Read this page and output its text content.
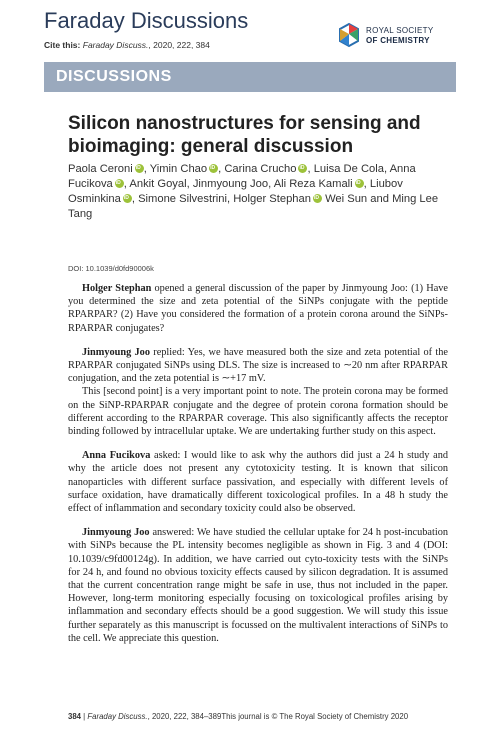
Faraday Discussions
Cite this: Faraday Discuss., 2020, 222, 384
ROYAL SOCIETY
OF CHEMISTRY
DISCUSSIONS
Silicon nanostructures for sensing and bioimaging: general discussion
Paola Ceroni iD , Yimin Chao iD , Carina Crucho iD , Luisa De Cola, Anna Fucikova iD , Ankit Goyal, Jinmyoung Joo, Ali Reza Kamali iD , Liubov Osminkina iD , Simone Silvestrini, Holger Stephan iD Wei Sun and Ming Lee Tang
DOI: 10.1039/d0fd90006k

Holger Stephan opened a general discussion of the paper by Jinmyoung Joo: (1) Have you determined the size and zeta potential of the SiNPs conjugate with the peptide RPARPAR? (2) Have you considered the formation of a protein corona around the SiNPs-RPARPAR conjugates?

Jinmyoung Joo replied: Yes, we have measured both the size and zeta potential of the RPARPAR conjugated SiNPs using DLS. The size is increased to ∼20 nm after RPARPAR conjugation, and the zeta potential is ∼+17 mV.

This [second point] is a very important point to note. The protein corona may be formed on the SiNP-RPARPAR conjugate and the degree of protein corona formation should be different according to the RPARPAR coverage. This also significantly affects the receptor binding followed by intracellular uptake. We are undertaking further study on this aspect.

Anna Fucikova asked: I would like to ask why the authors did just a 24 h study and why the article does not present any cytotoxicity testing. It is known that silicon nanoparticles with different surface passivation, and especially with different levels of surface oxidation, have dramatically different toxicological profiles. In a 48 h study the effect of inflammation and secondary toxicity could also be observed.

Jinmyoung Joo answered: We have studied the cellular uptake for 24 h post-incubation with SiNPs because the PL intensity becomes negligible as shown in Fig. 3 and 4 (DOI: 10.1039/c9fd00124g). In addition, we have carried out cyto-toxicity tests with the SiNPs for 24 h, and found no obvious toxicity effects caused by silicon degradation. It is assumed that the current concentration range might be safe in use, thus not included in the paper. However, long-term monitoring especially focusing on toxicological profiles arising by inflammation and secondary effects should be a good suggestion. We will study this issue further separately as this manuscript is focussed on the multivalent interactions of SiNPs to the cell. We appreciate this question.

384 | Faraday Discuss., 2020, 222, 384–389This journal is © The Royal Society of Chemistry 2020
